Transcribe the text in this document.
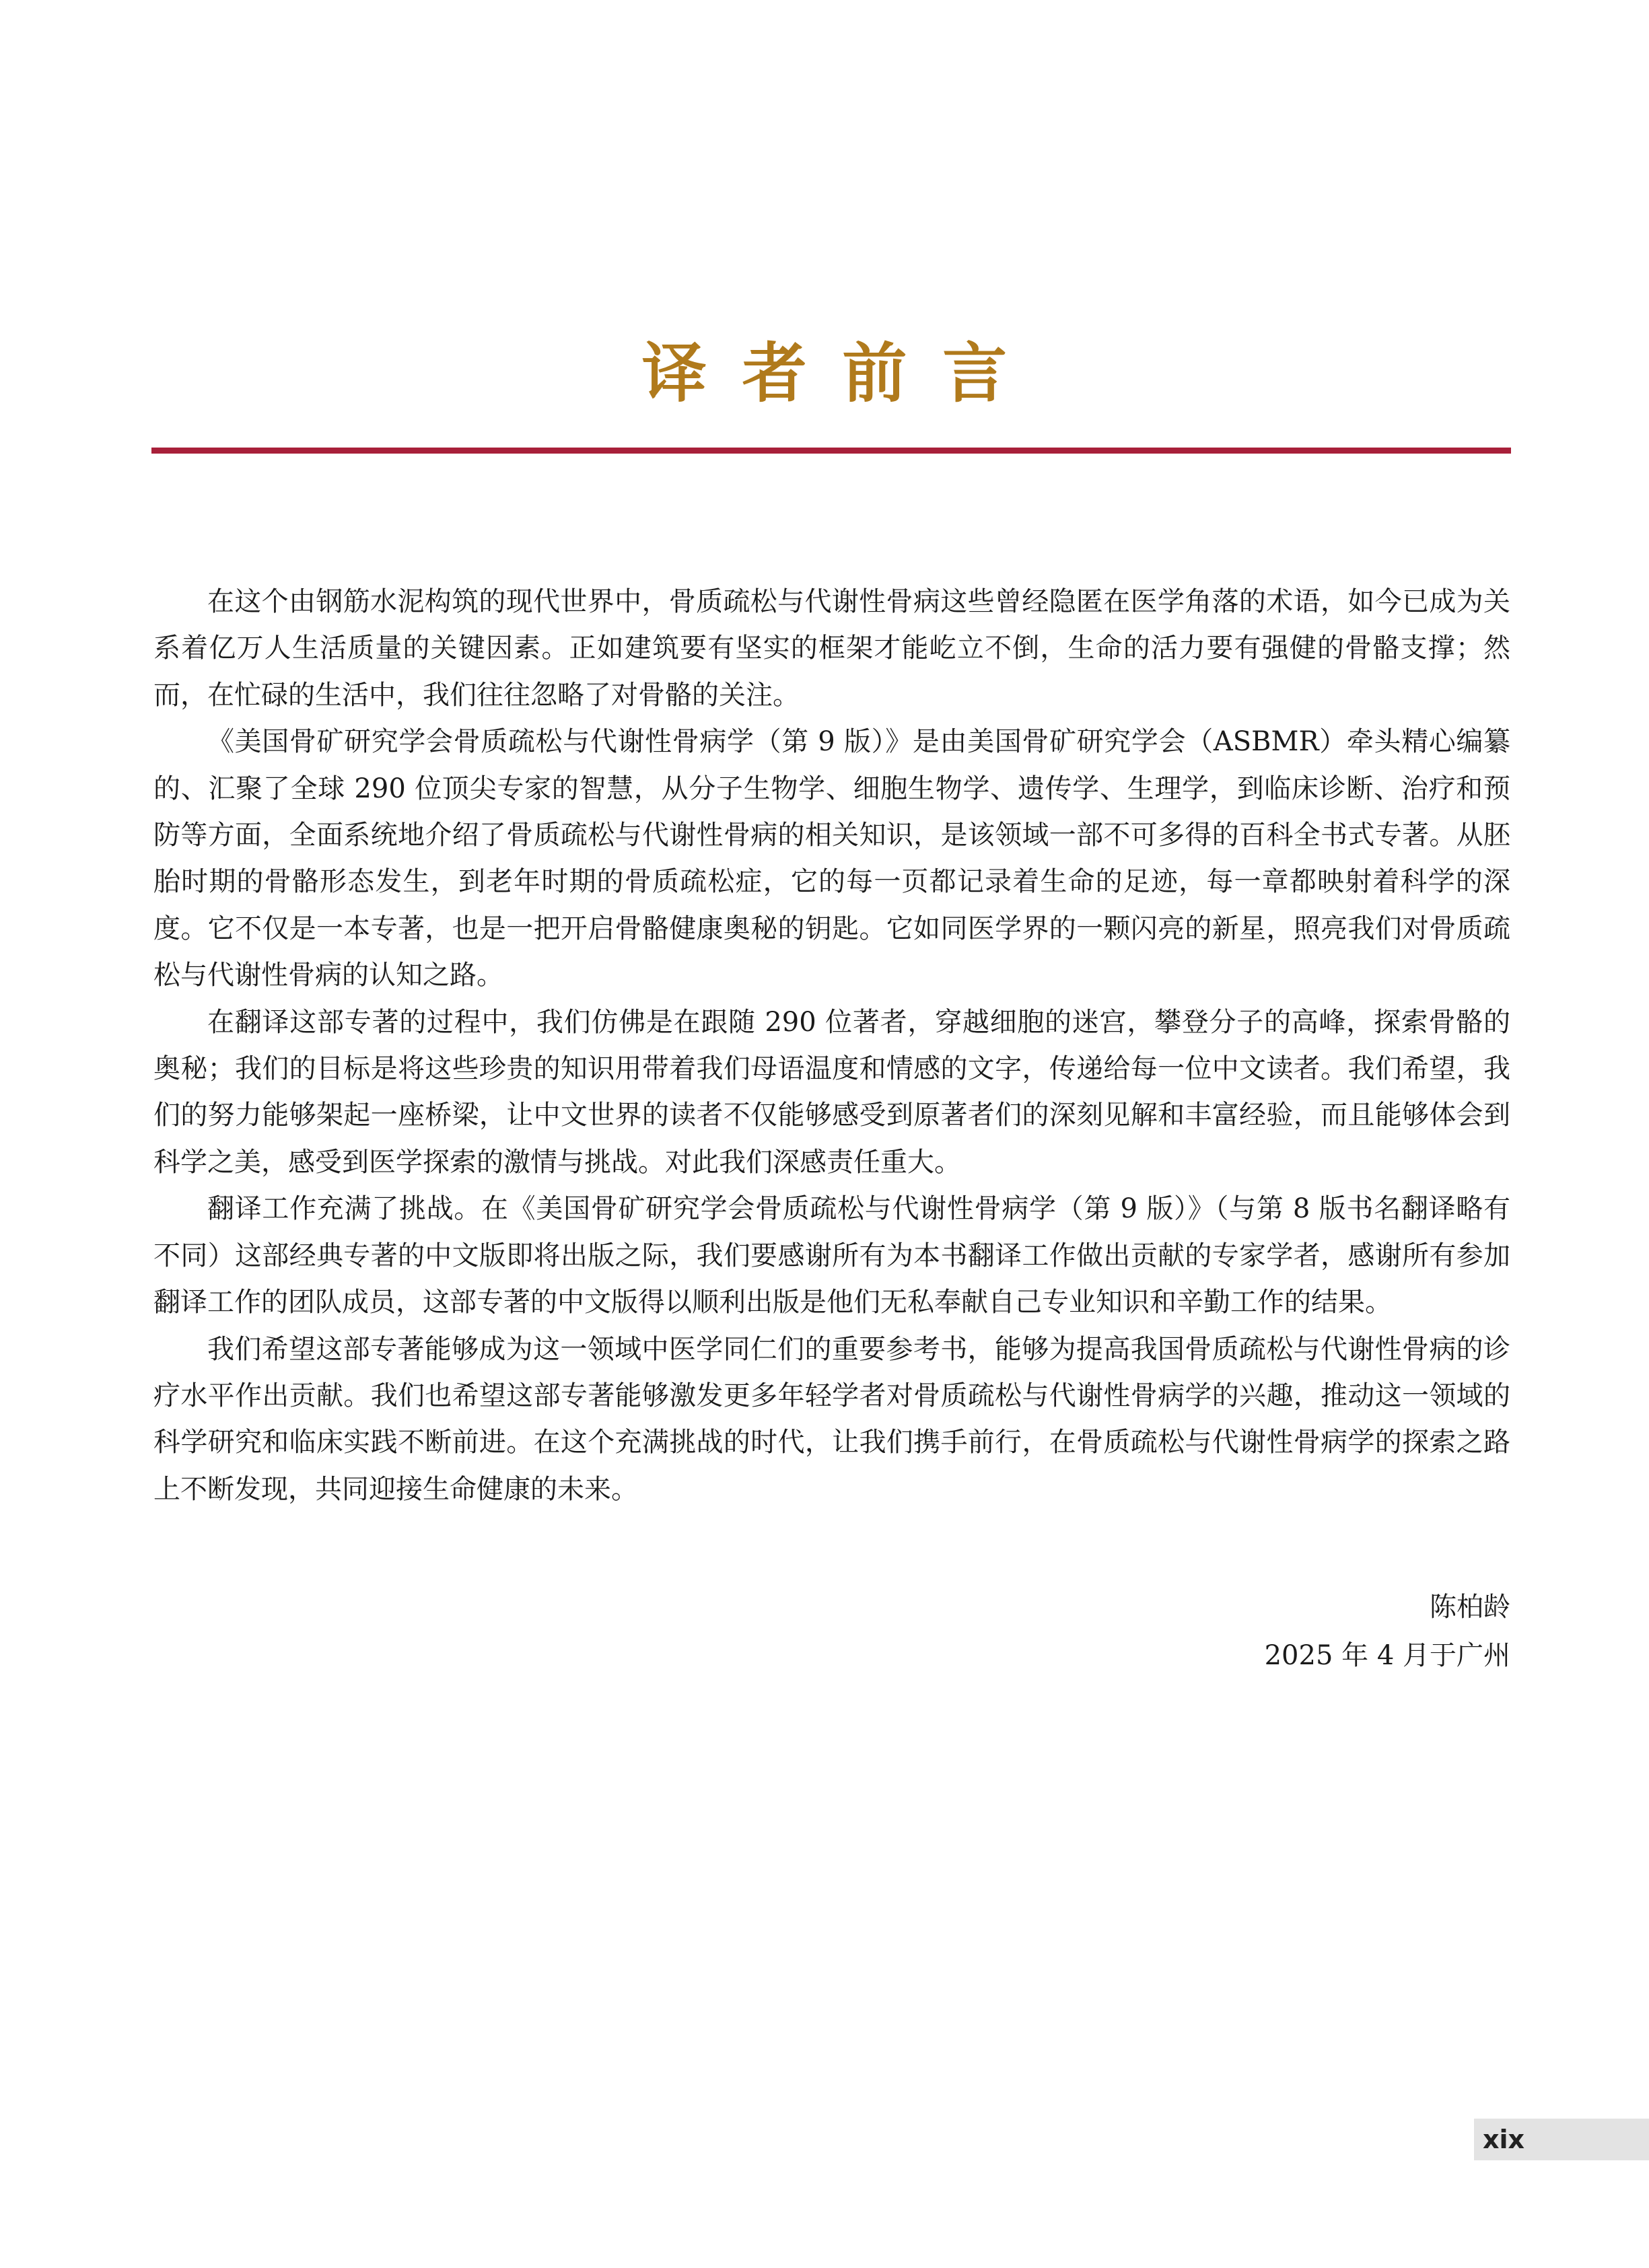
译者前言

在这个由钢筋水泥构筑的现代世界中，骨质疏松与代谢性骨病这些曾经隐匿在医学角落的术语，如今已成为关系着亿万人生活质量的关键因素。正如建筑要有坚实的框架才能屹立不倒，生命的活力要有强健的骨骼支撑；然而，在忙碌的生活中，我们往往忽略了对骨骼的关注。

《美国骨矿研究学会骨质疏松与代谢性骨病学（第 9 版）》是由美国骨矿研究学会（ASBMR）牵头精心编纂的、汇聚了全球 290 位顶尖专家的智慧，从分子生物学、细胞生物学、遗传学、生理学，到临床诊断、治疗和预防等方面，全面系统地介绍了骨质疏松与代谢性骨病的相关知识，是该领域一部不可多得的百科全书式专著。从胚胎时期的骨骼形态发生，到老年时期的骨质疏松症，它的每一页都记录着生命的足迹，每一章都映射着科学的深度。它不仅是一本专著，也是一把开启骨骼健康奥秘的钥匙。它如同医学界的一颗闪亮的新星，照亮我们对骨质疏松与代谢性骨病的认知之路。

在翻译这部专著的过程中，我们仿佛是在跟随 290 位著者，穿越细胞的迷宫，攀登分子的高峰，探索骨骼的奥秘；我们的目标是将这些珍贵的知识用带着我们母语温度和情感的文字，传递给每一位中文读者。我们希望，我们的努力能够架起一座桥梁，让中文世界的读者不仅能够感受到原著者们的深刻见解和丰富经验，而且能够体会到科学之美，感受到医学探索的激情与挑战。对此我们深感责任重大。

翻译工作充满了挑战。在《美国骨矿研究学会骨质疏松与代谢性骨病学（第 9 版）》（与第 8 版书名翻译略有不同）这部经典专著的中文版即将出版之际，我们要感谢所有为本书翻译工作做出贡献的专家学者，感谢所有参加翻译工作的团队成员，这部专著的中文版得以顺利出版是他们无私奉献自己专业知识和辛勤工作的结果。

我们希望这部专著能够成为这一领域中医学同仁们的重要参考书，能够为提高我国骨质疏松与代谢性骨病的诊疗水平作出贡献。我们也希望这部专著能够激发更多年轻学者对骨质疏松与代谢性骨病学的兴趣，推动这一领域的科学研究和临床实践不断前进。在这个充满挑战的时代，让我们携手前行，在骨质疏松与代谢性骨病学的探索之路上不断发现，共同迎接生命健康的未来。

陈柏龄
2025 年 4 月于广州
xix
